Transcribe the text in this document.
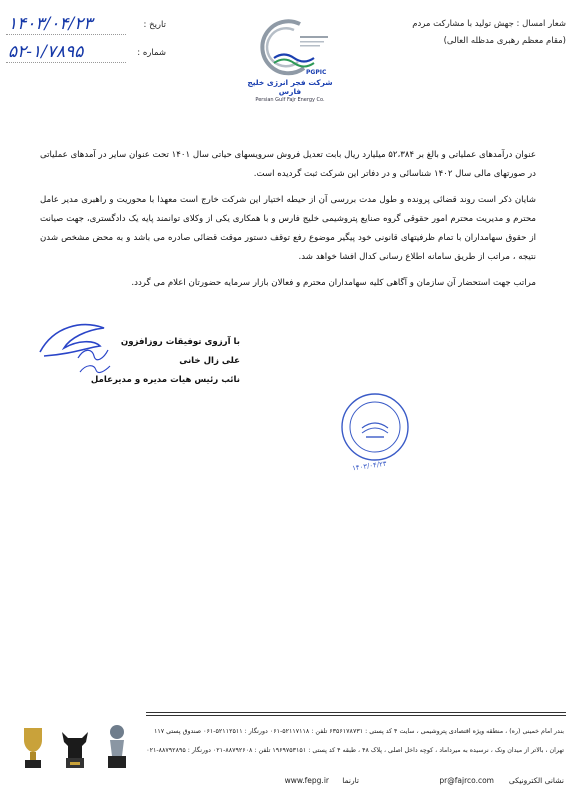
شعار امسال : جهش تولید با مشارکت مردم
(مقام معظم رهبری مدظله العالی)
PGPIC
شرکت فجر انرژی خلیج فارس
Persian Gulf Fajr Energy Co.
تاریخ :
۱۴۰۳/۰۴/۲۳
شماره :
۵۲-۱/۷۸۹۵

عنوان درآمدهای عملیاتی و بالغ بر ۵۲،۳۸۴ میلیارد ریال بابت تعدیل فروش سرویسهای حیاتی سال ۱۴۰۱ تحت عنوان سایر در آمدهای عملیاتی در صورتهای مالی سال ۱۴۰۲ شناسائی و در دفاتر این شرکت ثبت گردیده است.

شایان ذکر است روند قضائی پرونده و طول مدت بررسی آن از حیطه اختیار این شرکت خارج است معهذا با محوریت و راهبری مدیر عامل محترم و مدیریت محترم امور حقوقی گروه صنایع پتروشیمی خلیج فارس و با همکاری یکی از وکلای توانمند پایه یک دادگستری، جهت صیانت از حقوق سهامداران با تمام ظرفیتهای قانونی خود پیگیر موضوع رفع توقف دستور موقت قضائی صادره می باشد و به محض مشخص شدن نتیجه ، مراتب از طریق سامانه اطلاع رسانی کدال افشا خواهد شد.

مراتب جهت استحضار آن سازمان و آگاهی کلیه سهامداران محترم و فعالان بازار سرمایه حضورتان اعلام می گردد.

با آرزوی توفیقات روزافزون
علی زال خانی
نائب رئیس هیات مدیره و مدیرعامل
۱۴۰۳/۰۴/۲۳
بندر امام خمینی (ره) ، منطقه ویژه اقتصادی پتروشیمی ، سایت ۴ کد پستی : ۶۳۵۶۱۷۸۷۳۱ تلفن : ۵۲۱۱۷۱۱۸-۰۶۱ دورنگار : ۵۲۱۱۲۵۱۱-۰۶۱ صندوق پستی ۱۱۷
تهران ، بالاتر از میدان ونک ، نرسیده به میرداماد ، کوچه داخل اصلی ، پلاک ۴۸ ، طبقه ۴ کد پستی : ۱۹۶۹۷۵۳۱۵۱ تلفن : ۸۸۷۹۲۶۰۸-۰۲۱ دورنگار : ۸۸۷۹۲۸۹۵-۰۲۱
نشانی الکترونیکی
pr@fajrco.com
تارنما
www.fepg.ir
